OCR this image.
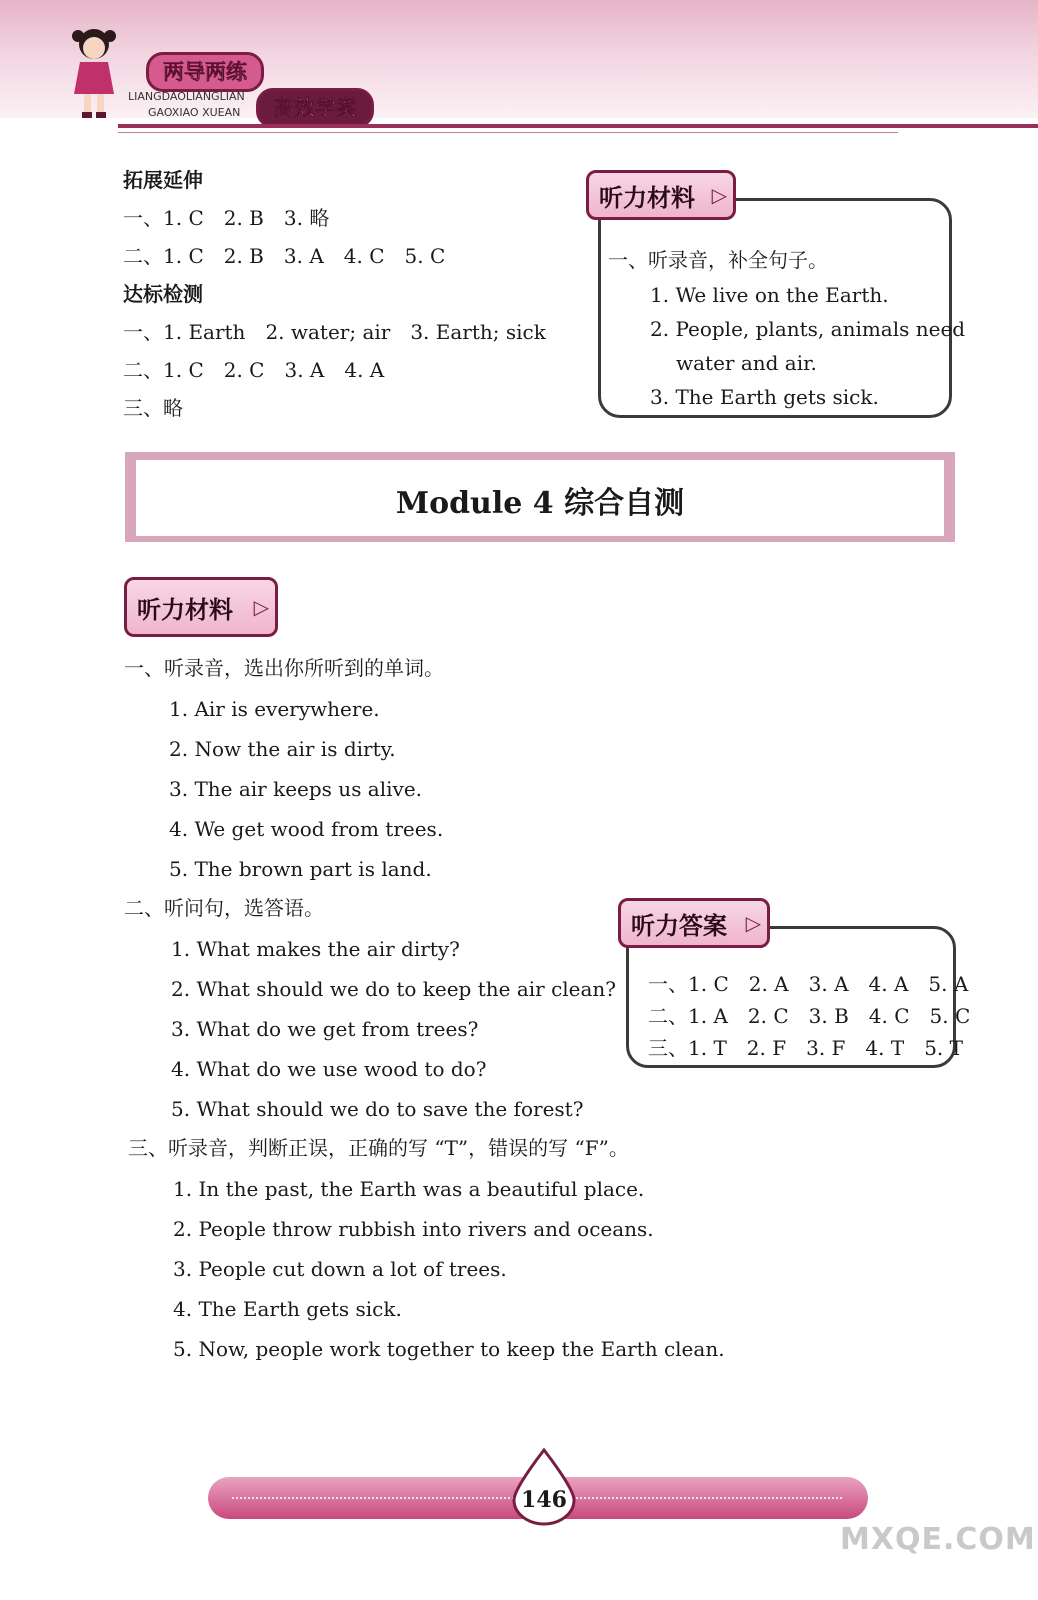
两导两练
LIANGDAOLIANGLIAN
GAOXIAO XUEAN	高效学案
拓展延伸
一、1. C　2. B　3. 略
二、1. C　2. B　3. A　4. C　5. C
达标检测
一、1. Earth　2. water; air　3. Earth; sick
二、1. C　2. C　3. A　4. A
三、略
听力材料 ▷
一、听录音，补全句子。
1. We live on the Earth.
2. People, plants, animals need
water and air.
3. The Earth gets sick.
Module 4 综合自测
听力材料 ▷
一、听录音，选出你所听到的单词。
1. Air is everywhere.
2. Now the air is dirty.
3. The air keeps us alive.
4. We get wood from trees.
5. The brown part is land.
二、听问句，选答语。
1. What makes the air dirty?
2. What should we do to keep the air clean?
3. What do we get from trees?
4. What do we use wood to do?
5. What should we do to save the forest?
听力答案 ▷
一、1. C　2. A　3. A　4. A　5. A
二、1. A　2. C　3. B　4. C　5. C
三、1. T　2. F　3. F　4. T　5. T
三、听录音，判断正误，正确的写 “T”，错误的写 “F”。
1. In the past, the Earth was a beautiful place.
2. People throw rubbish into rivers and oceans.
3. People cut down a lot of trees.
4. The Earth gets sick.
5. Now, people work together to keep the Earth clean.
146
MXQE.COM
